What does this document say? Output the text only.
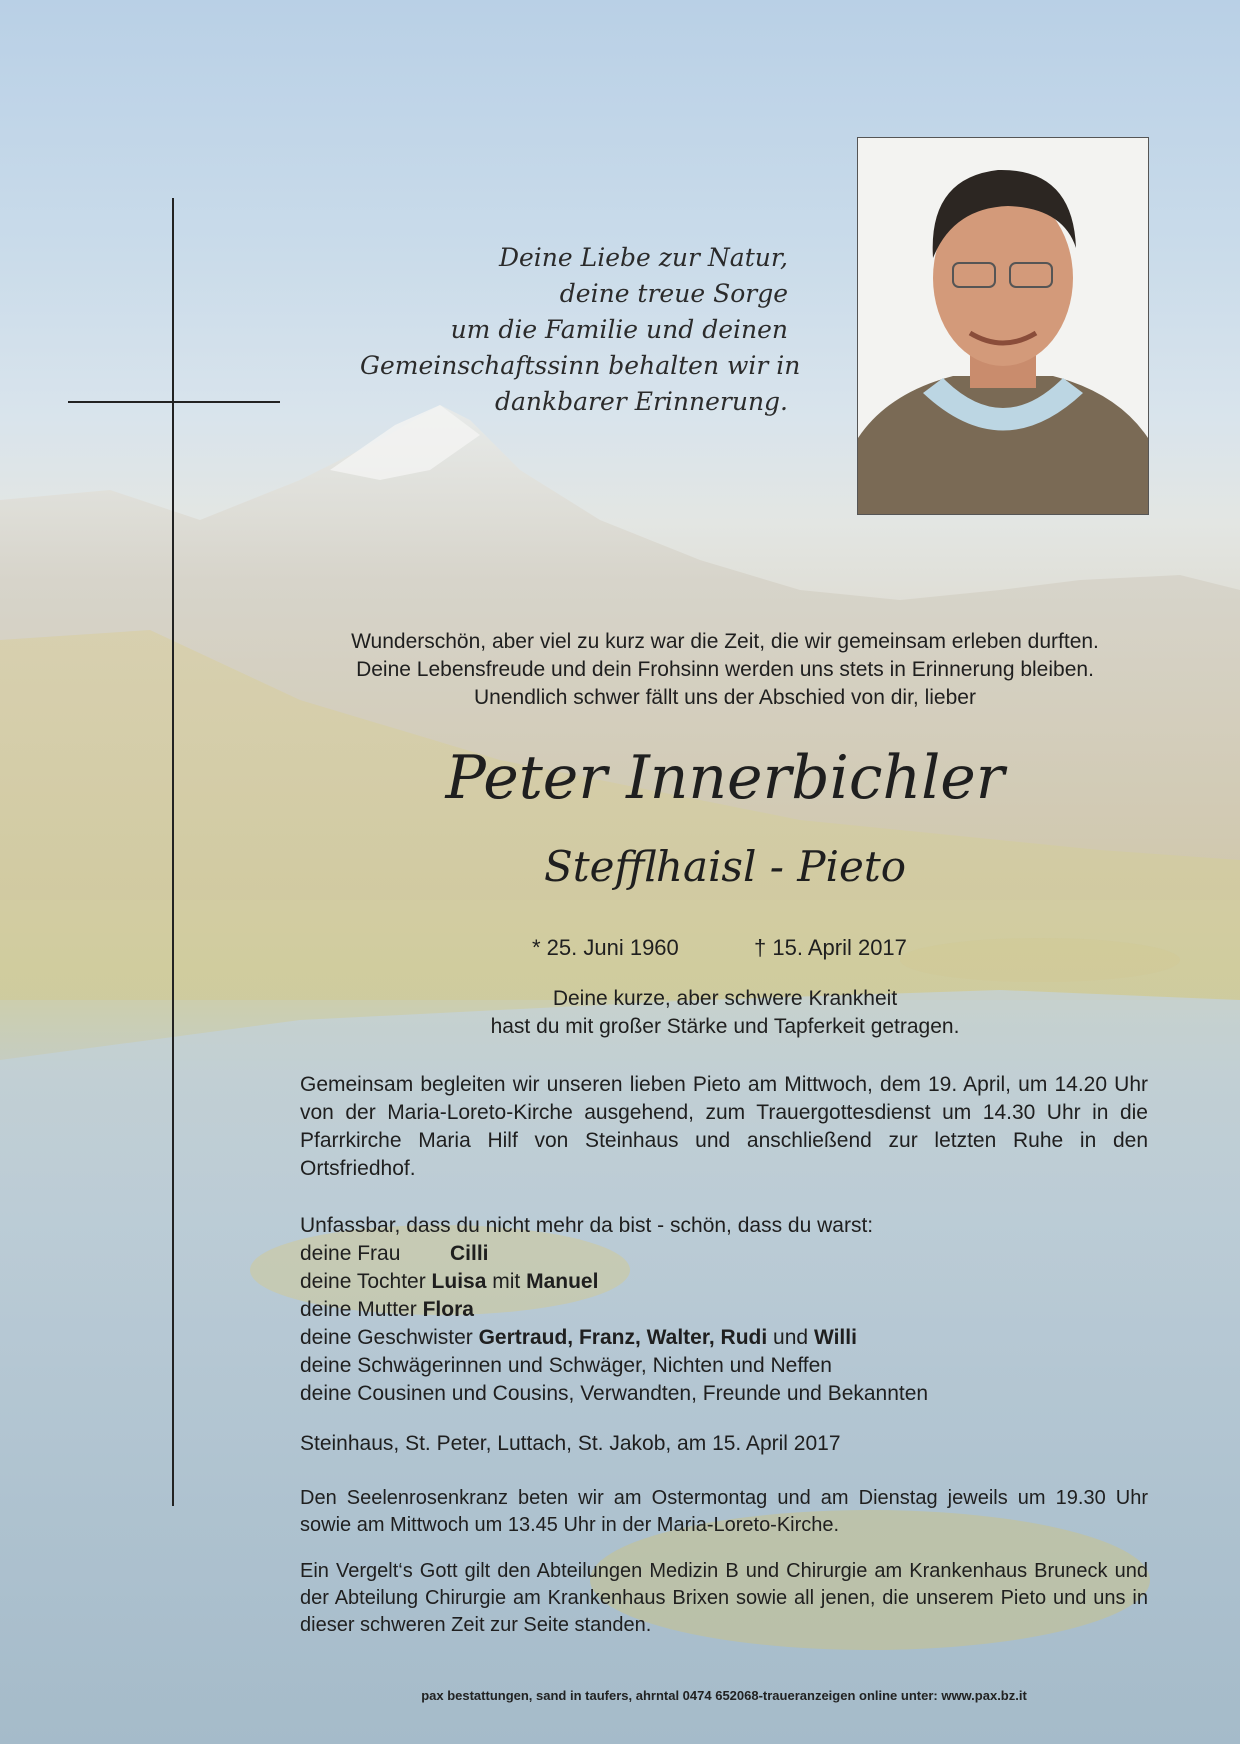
Deine Liebe zur Natur,
deine treue Sorge
um die Familie und deinen
Gemeinschaftssinn behalten wir in
dankbarer Erinnerung.
Wunderschön, aber viel zu kurz war die Zeit, die wir gemeinsam erleben durften.
Deine Lebensfreude und dein Frohsinn werden uns stets in Erinnerung bleiben.
Unendlich schwer fällt uns der Abschied von dir, lieber
Peter Innerbichler
Stefflhaisl - Pieto
* 25. Juni 1960	† 15. April 2017
Deine kurze, aber schwere Krankheit
hast du mit großer Stärke und Tapferkeit getragen.
Gemeinsam begleiten wir unseren lieben Pieto am Mittwoch, dem 19. April, um 14.20 Uhr von der Maria-Loreto-Kirche ausgehend, zum Trauergottesdienst um 14.30 Uhr in die Pfarrkirche Maria Hilf von Steinhaus und anschließend zur letzten Ruhe in den Ortsfriedhof.
Unfassbar, dass du nicht mehr da bist - schön, dass du warst:
deine Frau Cilli
deine Tochter Luisa mit Manuel
deine Mutter Flora
deine Geschwister Gertraud, Franz, Walter, Rudi und Willi
deine Schwägerinnen und Schwäger, Nichten und Neffen
deine Cousinen und Cousins, Verwandten, Freunde und Bekannten
Steinhaus, St. Peter, Luttach, St. Jakob, am 15. April 2017
Den Seelenrosenkranz beten wir am Ostermontag und am Dienstag jeweils um 19.30 Uhr sowie am Mittwoch um 13.45 Uhr in der Maria-Loreto-Kirche.
Ein Vergelt‘s Gott gilt den Abteilungen Medizin B und Chirurgie am Krankenhaus Bruneck und der Abteilung Chirurgie am Krankenhaus Brixen sowie all jenen, die unserem Pieto und uns in dieser schweren Zeit zur Seite standen.
pax bestattungen, sand in taufers, ahrntal 0474 652068-traueranzeigen online unter: www.pax.bz.it
